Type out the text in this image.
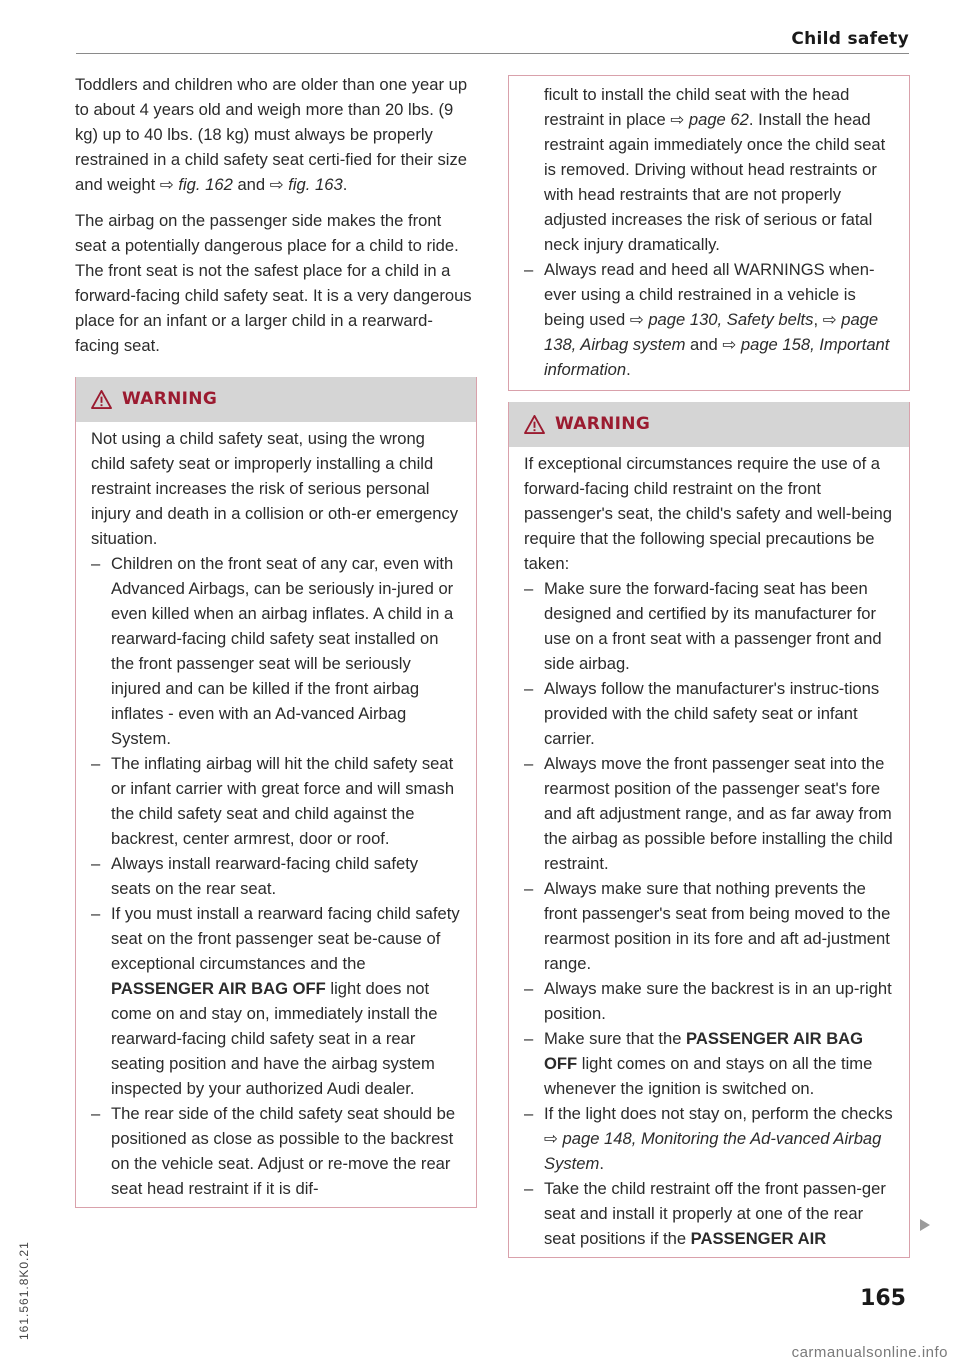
Child safety

Toddlers and children who are older than one year up to about 4 years old and weigh more than 20 lbs. (9 kg) up to 40 lbs. (18 kg) must always be properly restrained in a child safety seat certi-fied for their size and weight ⇨ fig. 162 and ⇨ fig. 163.

The airbag on the passenger side makes the front seat a potentially dangerous place for a child to ride. The front seat is not the safest place for a child in a forward-facing child safety seat. It is a very dangerous place for an infant or a larger child in a rearward-facing seat.

WARNING

Not using a child safety seat, using the wrong child safety seat or improperly installing a child restraint increases the risk of serious personal injury and death in a collision or oth-er emergency situation.

– Children on the front seat of any car, even with Advanced Airbags, can be seriously in-jured or even killed when an airbag inflates. A child in a rearward-facing child safety seat installed on the front passenger seat will be seriously injured and can be killed if the front airbag inflates - even with an Ad-vanced Airbag System.
– The inflating airbag will hit the child safety seat or infant carrier with great force and will smash the child safety seat and child against the backrest, center armrest, door or roof.
– Always install rearward-facing child safety seats on the rear seat.
– If you must install a rearward facing child safety seat on the front passenger seat be-cause of exceptional circumstances and the PASSENGER AIR BAG OFF light does not come on and stay on, immediately install the rearward-facing child safety seat in a rear seating position and have the airbag system inspected by your authorized Audi dealer.
– The rear side of the child safety seat should be positioned as close as possible to the backrest on the vehicle seat. Adjust or re-move the rear seat head restraint if it is dif-

ficult to install the child seat with the head restraint in place ⇨ page 62. Install the head restraint again immediately once the child seat is removed. Driving without head restraints or with head restraints that are not properly adjusted increases the risk of serious or fatal neck injury dramatically.

– Always read and heed all WARNINGS when-ever using a child restrained in a vehicle is being used ⇨ page 130, Safety belts, ⇨ page 138, Airbag system and ⇨ page 158, Important information.
WARNING

If exceptional circumstances require the use of a forward-facing child restraint on the front passenger's seat, the child's safety and well-being require that the following special precautions be taken:

– Make sure the forward-facing seat has been designed and certified by its manufacturer for use on a front seat with a passenger front and side airbag.
– Always follow the manufacturer's instruc-tions provided with the child safety seat or infant carrier.
– Always move the front passenger seat into the rearmost position of the passenger seat's fore and aft adjustment range, and as far away from the airbag as possible before installing the child restraint.
– Always make sure that nothing prevents the front passenger's seat from being moved to the rearmost position in its fore and aft ad-justment range.
– Always make sure the backrest is in an up-right position.
– Make sure that the PASSENGER AIR BAG OFF light comes on and stays on all the time whenever the ignition is switched on.
– If the light does not stay on, perform the checks ⇨ page 148, Monitoring the Ad-vanced Airbag System.
– Take the child restraint off the front passen-ger seat and install it properly at one of the rear seat positions if the PASSENGER AIR
161.561.8K0.21	165
carmanualsonline.info
